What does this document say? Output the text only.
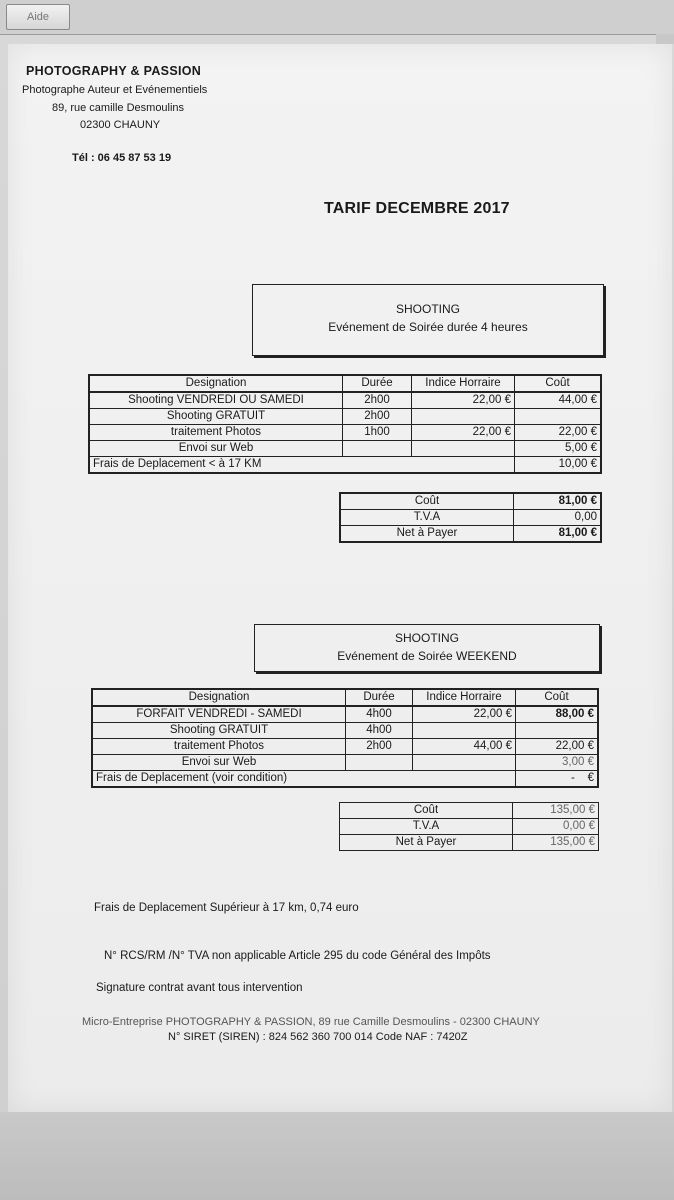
Aide
PHOTOGRAPHY & PASSION
Photographe Auteur et Evénementiels
89, rue camille Desmoulins
02300 CHAUNY
Tél : 06 45 87 53 19
TARIF DECEMBRE 2017
SHOOTING
Evénement de Soirée durée 4 heures
Designation	Durée	Indice Horraire	Coût
Shooting VENDREDI OU SAMEDI	2h00	22,00 €	44,00 €
Shooting GRATUIT	2h00		
traitement Photos	1h00	22,00 €	22,00 €
Envoi sur Web			5,00 €
Frais de Deplacement < à 17 KM			10,00 €
Coût	81,00 €
T.V.A	0,00
Net à Payer	81,00 €
SHOOTING
Evénement de Soirée WEEKEND
Designation	Durée	Indice Horraire	Coût
FORFAIT VENDREDI - SAMEDI	4h00	22,00 €	88,00 €
Shooting GRATUIT	4h00		
traitement Photos	2h00	44,00 €	22,00 €
Envoi sur Web			3,00 €
Frais de Deplacement (voir condition)			-    €
Coût	135,00 €
T.V.A	0,00 €
Net à Payer	135,00 €
Frais de Deplacement Supérieur à 17 km, 0,74 euro
N° RCS/RM /N° TVA non applicable Article 295 du code Général des Impôts
Signature contrat avant tous intervention
Micro-Entreprise PHOTOGRAPHY & PASSION, 89 rue Camille Desmoulins - 02300 CHAUNY
N° SIRET (SIREN) : 824 562 360 700 014 Code NAF : 7420Z
